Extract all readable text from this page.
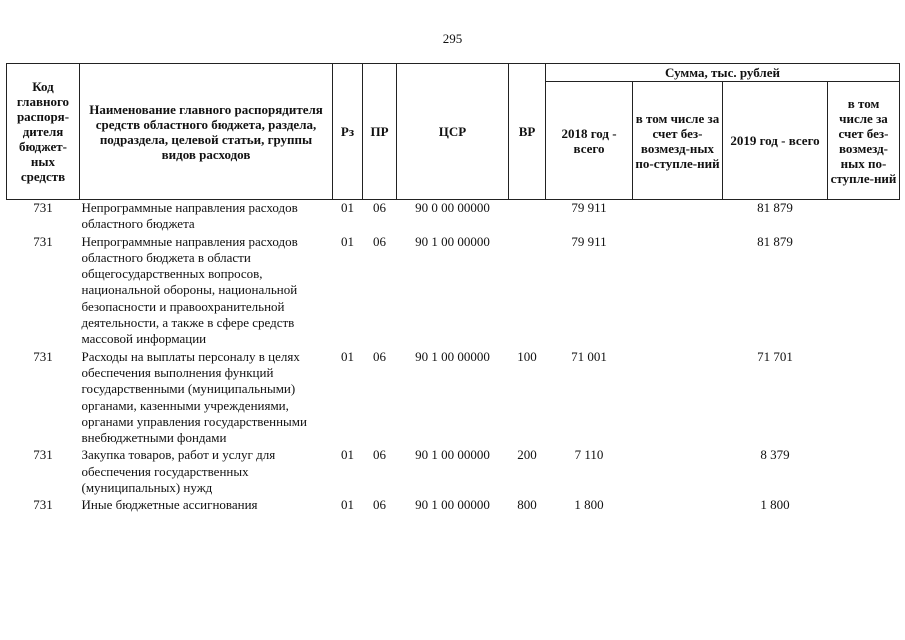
295
Код главного распоря-дителя бюджет-ных средств	Наименование главного распорядителя средств областного бюджета, раздела, подраздела, целевой статьи, группы видов расходов	Рз	ПР	ЦСР	ВР	Сумма, тыс. рублей			
						2018 год - всего	в том числе за счет без-возмезд-ных по-ступле-ний	2019 год - всего	в том числе за счет без-возмезд-ных по-ступле-ний
731	Непрограммные направления расходов областного бюджета	01	06	90 0 00 00000		79 911		81 879	
731	Непрограммные направления расходов областного бюджета в области общегосударственных вопросов, национальной обороны, национальной безопасности и правоохранительной деятельности, а также в сфере средств массовой информации	01	06	90 1 00 00000		79 911		81 879	
731	Расходы на выплаты персоналу в целях обеспечения выполнения функций государственными (муниципальными) органами, казенными учреждениями, органами управления государственными внебюджетными фондами	01	06	90 1 00 00000	100	71 001		71 701	
731	Закупка товаров, работ и услуг для обеспечения государственных (муниципальных) нужд	01	06	90 1 00 00000	200	7 110		8 379	
731	Иные бюджетные ассигнования	01	06	90 1 00 00000	800	1 800		1 800	
